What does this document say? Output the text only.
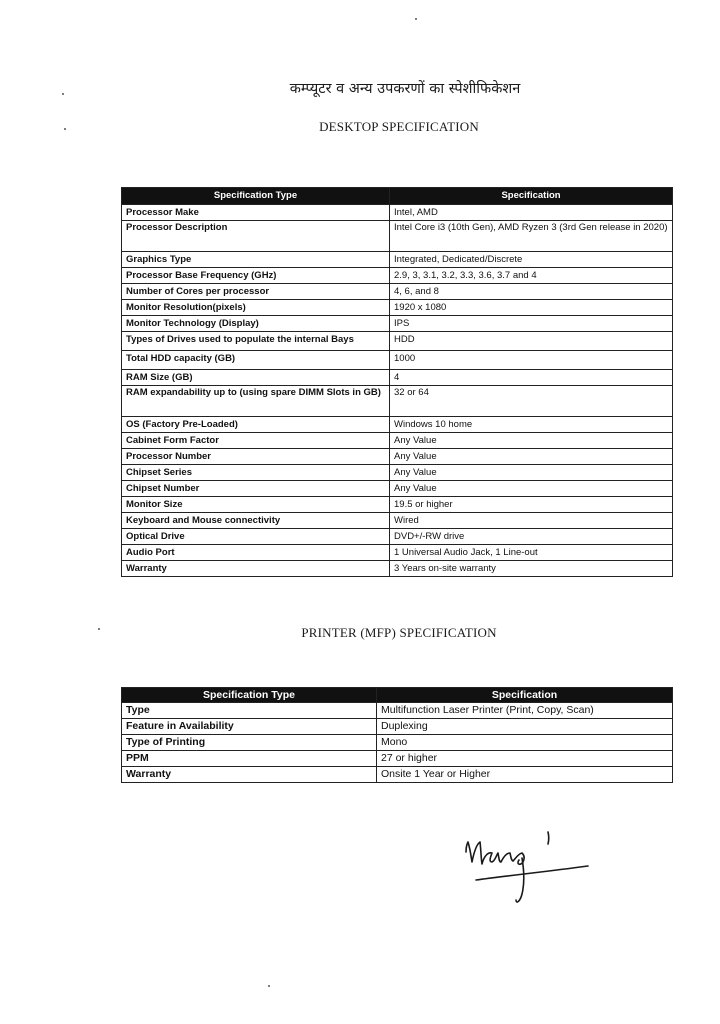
कम्प्यूटर व अन्य उपकरणों का स्पेशीफिकेशन
DESKTOP SPECIFICATION
Specification Type	Specification
Processor Make	Intel, AMD
Processor Description	Intel Core i3 (10th Gen), AMD Ryzen 3 (3rd Gen release in 2020)
Graphics Type	Integrated, Dedicated/Discrete
Processor Base Frequency (GHz)	2.9, 3, 3.1, 3.2, 3.3, 3.6, 3.7 and 4
Number of Cores per processor	4, 6, and 8
Monitor Resolution(pixels)	1920 x 1080
Monitor Technology (Display)	IPS
Types of Drives used to populate the internal Bays	HDD
Total HDD capacity (GB)	1000
RAM Size (GB)	4
RAM expandability up to (using spare DIMM Slots in GB)	32 or 64
OS (Factory Pre-Loaded)	Windows 10 home
Cabinet Form Factor	Any Value
Processor Number	Any Value
Chipset Series	Any Value
Chipset Number	Any Value
Monitor Size	19.5 or higher
Keyboard and Mouse connectivity	Wired
Optical Drive	DVD+/-RW drive
Audio Port	1 Universal Audio Jack, 1 Line-out
Warranty	3 Years on-site warranty
PRINTER (MFP) SPECIFICATION
Specification Type	Specification
Type	Multifunction Laser Printer (Print, Copy, Scan)
Feature in Availability	Duplexing
Type of Printing	Mono
PPM	27 or higher
Warranty	Onsite 1 Year or Higher
